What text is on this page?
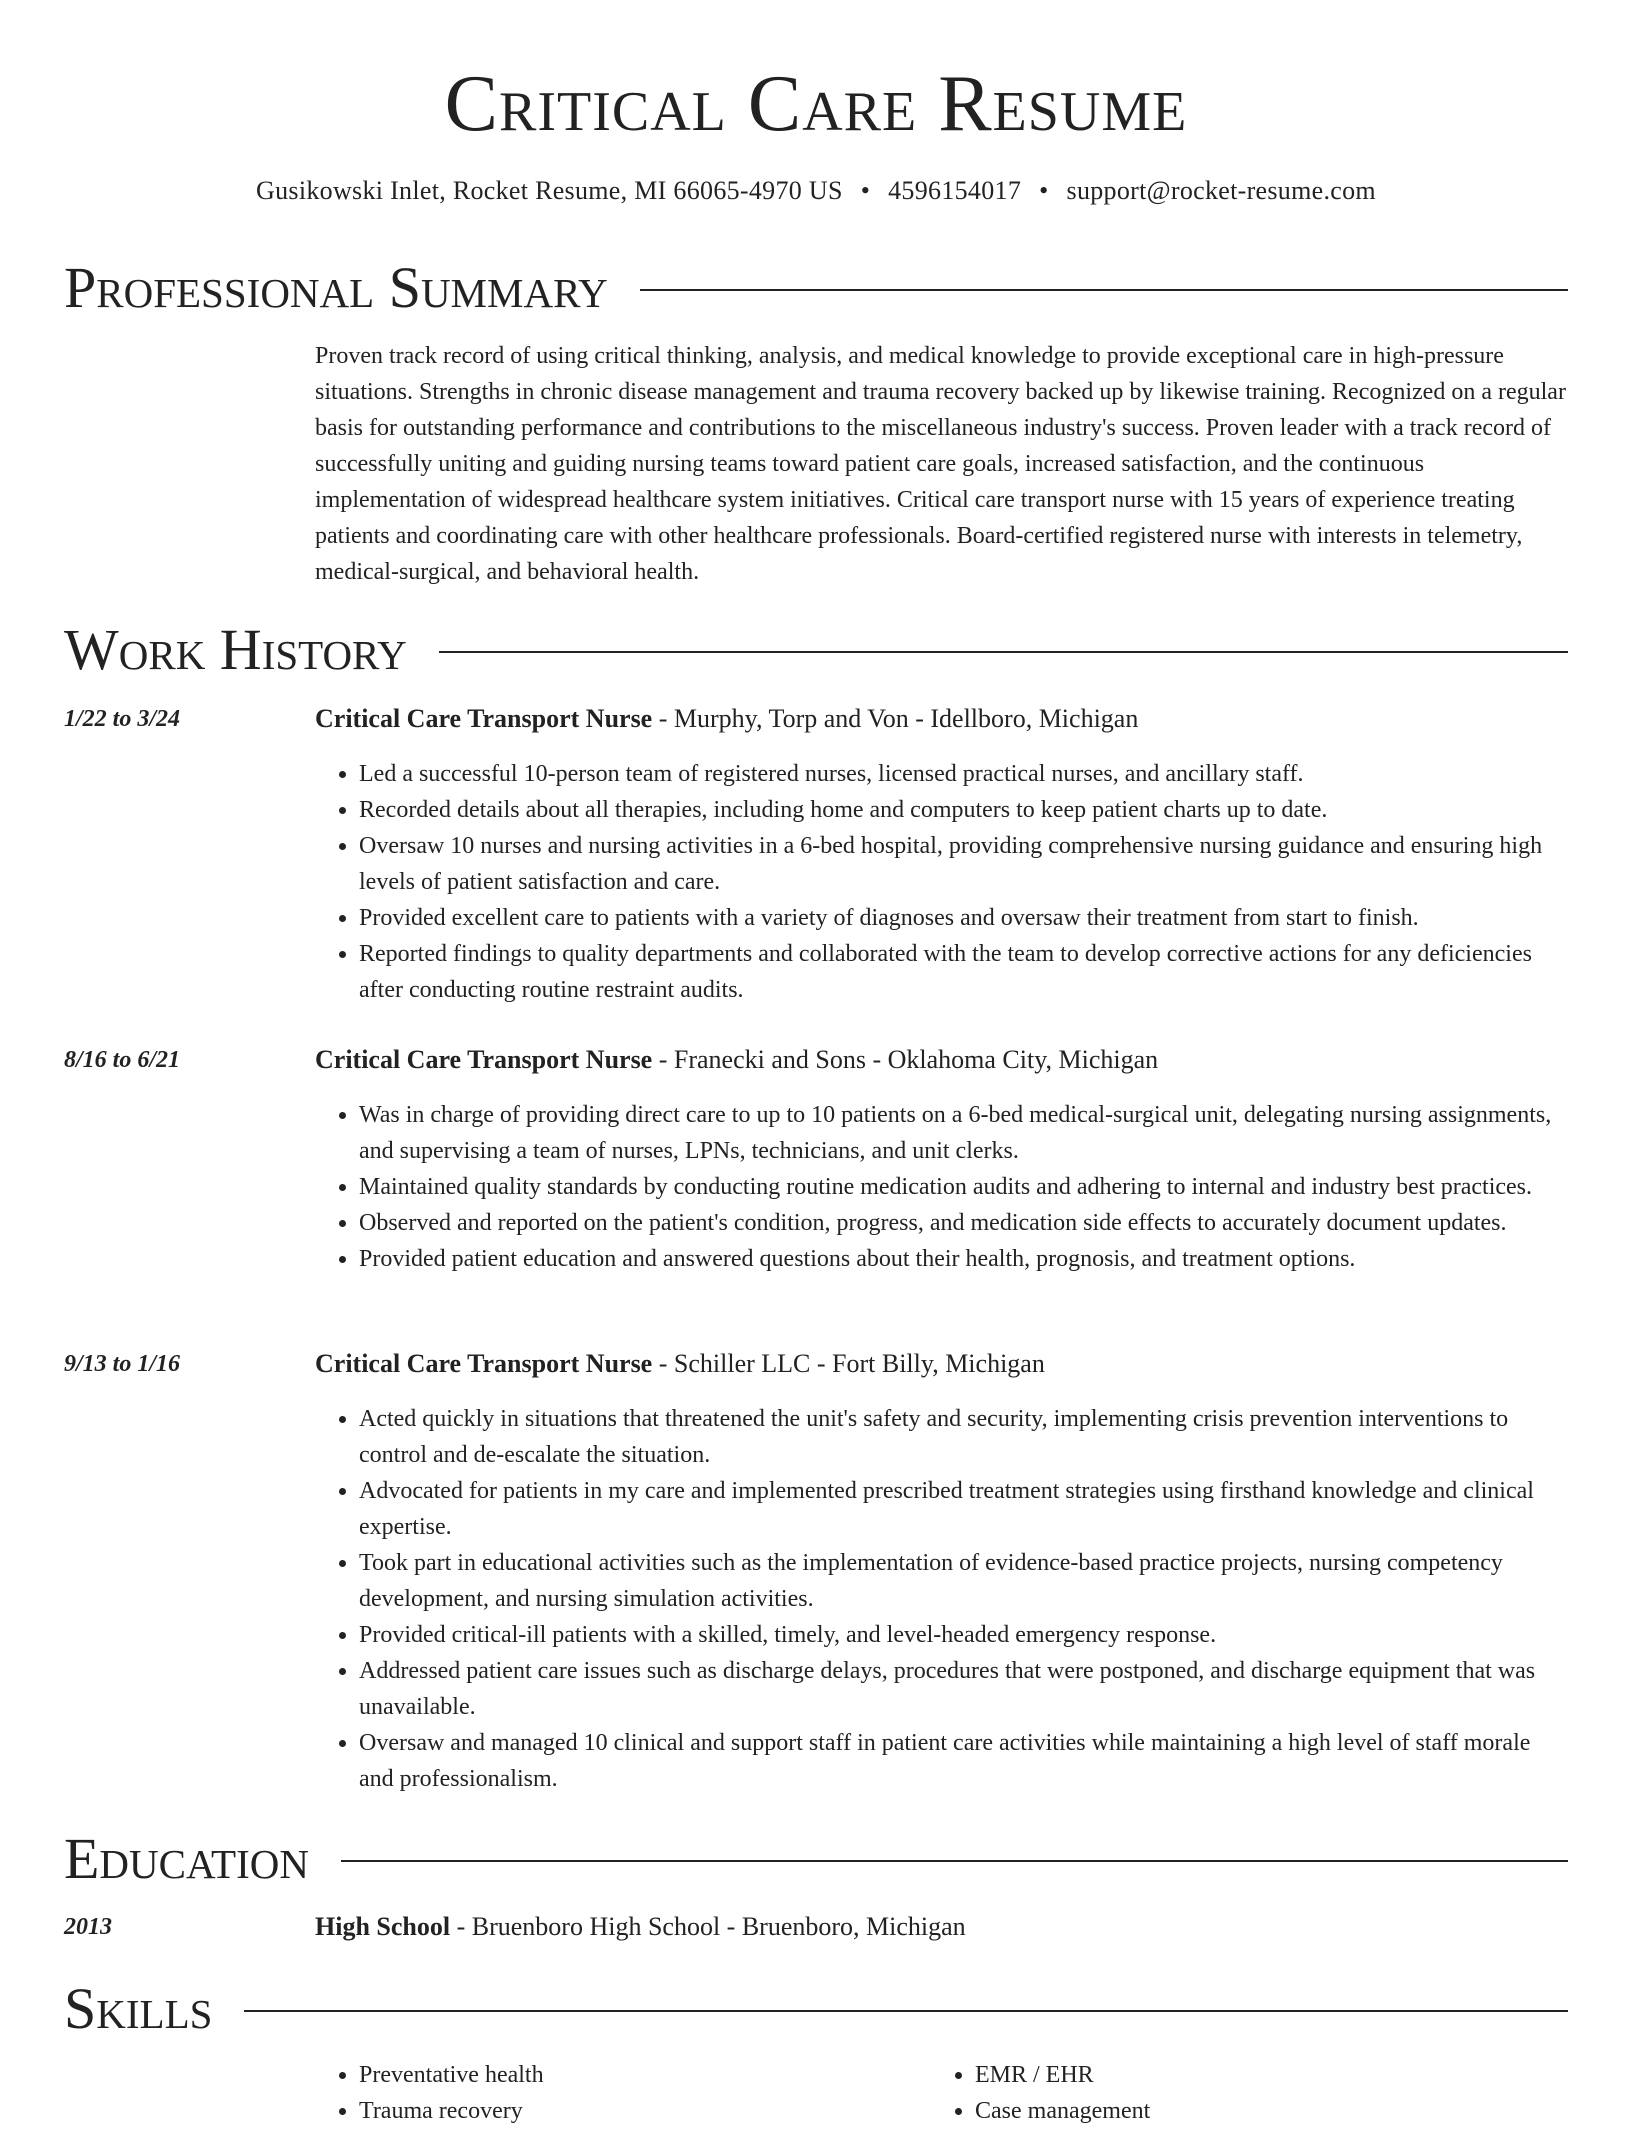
Critical Care Resume
Gusikowski Inlet, Rocket Resume, MI 66065-4970 US • 4596154017 • support@rocket-resume.com
Professional Summary
Proven track record of using critical thinking, analysis, and medical knowledge to provide exceptional care in high-pressure situations. Strengths in chronic disease management and trauma recovery backed up by likewise training. Recognized on a regular basis for outstanding performance and contributions to the miscellaneous industry's success. Proven leader with a track record of successfully uniting and guiding nursing teams toward patient care goals, increased satisfaction, and the continuous implementation of widespread healthcare system initiatives. Critical care transport nurse with 15 years of experience treating patients and coordinating care with other healthcare professionals. Board-certified registered nurse with interests in telemetry, medical-surgical, and behavioral health.
Work History
1/22 to 3/24	Critical Care Transport Nurse - Murphy, Torp and Von - Idellboro, Michigan
• Led a successful 10-person team of registered nurses, licensed practical nurses, and ancillary staff.
• Recorded details about all therapies, including home and computers to keep patient charts up to date.
• Oversaw 10 nurses and nursing activities in a 6-bed hospital, providing comprehensive nursing guidance and ensuring high levels of patient satisfaction and care.
• Provided excellent care to patients with a variety of diagnoses and oversaw their treatment from start to finish.
• Reported findings to quality departments and collaborated with the team to develop corrective actions for any deficiencies after conducting routine restraint audits.
8/16 to 6/21	Critical Care Transport Nurse - Franecki and Sons - Oklahoma City, Michigan
• Was in charge of providing direct care to up to 10 patients on a 6-bed medical-surgical unit, delegating nursing assignments, and supervising a team of nurses, LPNs, technicians, and unit clerks.
• Maintained quality standards by conducting routine medication audits and adhering to internal and industry best practices.
• Observed and reported on the patient's condition, progress, and medication side effects to accurately document updates.
• Provided patient education and answered questions about their health, prognosis, and treatment options.
9/13 to 1/16	Critical Care Transport Nurse - Schiller LLC - Fort Billy, Michigan
• Acted quickly in situations that threatened the unit's safety and security, implementing crisis prevention interventions to control and de-escalate the situation.
• Advocated for patients in my care and implemented prescribed treatment strategies using firsthand knowledge and clinical expertise.
• Took part in educational activities such as the implementation of evidence-based practice projects, nursing competency development, and nursing simulation activities.
• Provided critical-ill patients with a skilled, timely, and level-headed emergency response.
• Addressed patient care issues such as discharge delays, procedures that were postponed, and discharge equipment that was unavailable.
• Oversaw and managed 10 clinical and support staff in patient care activities while maintaining a high level of staff morale and professionalism.
Education
2013	High School - Bruenboro High School - Bruenboro, Michigan
Skills
• Preventative health
• Trauma recovery
• EMR / EHR
• Case management
